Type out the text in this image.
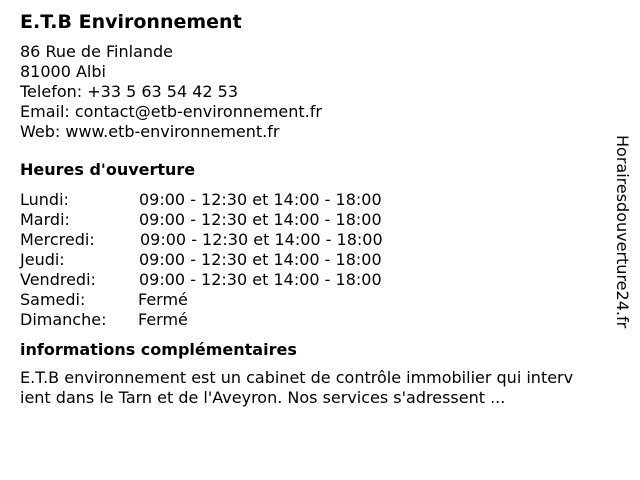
E.T.B Environnement
86 Rue de Finlande
81000 Albi
Telefon: +33 5 63 54 42 53
Email: contact@etb-environnement.fr
Web: www.etb-environnement.fr
Heures d'ouverture
Lundi:	09:00 - 12:30 et 14:00 - 18:00
Mardi:	09:00 - 12:30 et 14:00 - 18:00
Mercredi:	09:00 - 12:30 et 14:00 - 18:00
Jeudi:	09:00 - 12:30 et 14:00 - 18:00
Vendredi:	09:00 - 12:30 et 14:00 - 18:00
Samedi:	Fermé
Dimanche: Fermé
informations complémentaires
E.T.B environnement est un cabinet de contrôle immobilier qui interv
ient dans le Tarn et de l'Aveyron. Nos services s'adressent ...
Horairesdouverture24.fr
